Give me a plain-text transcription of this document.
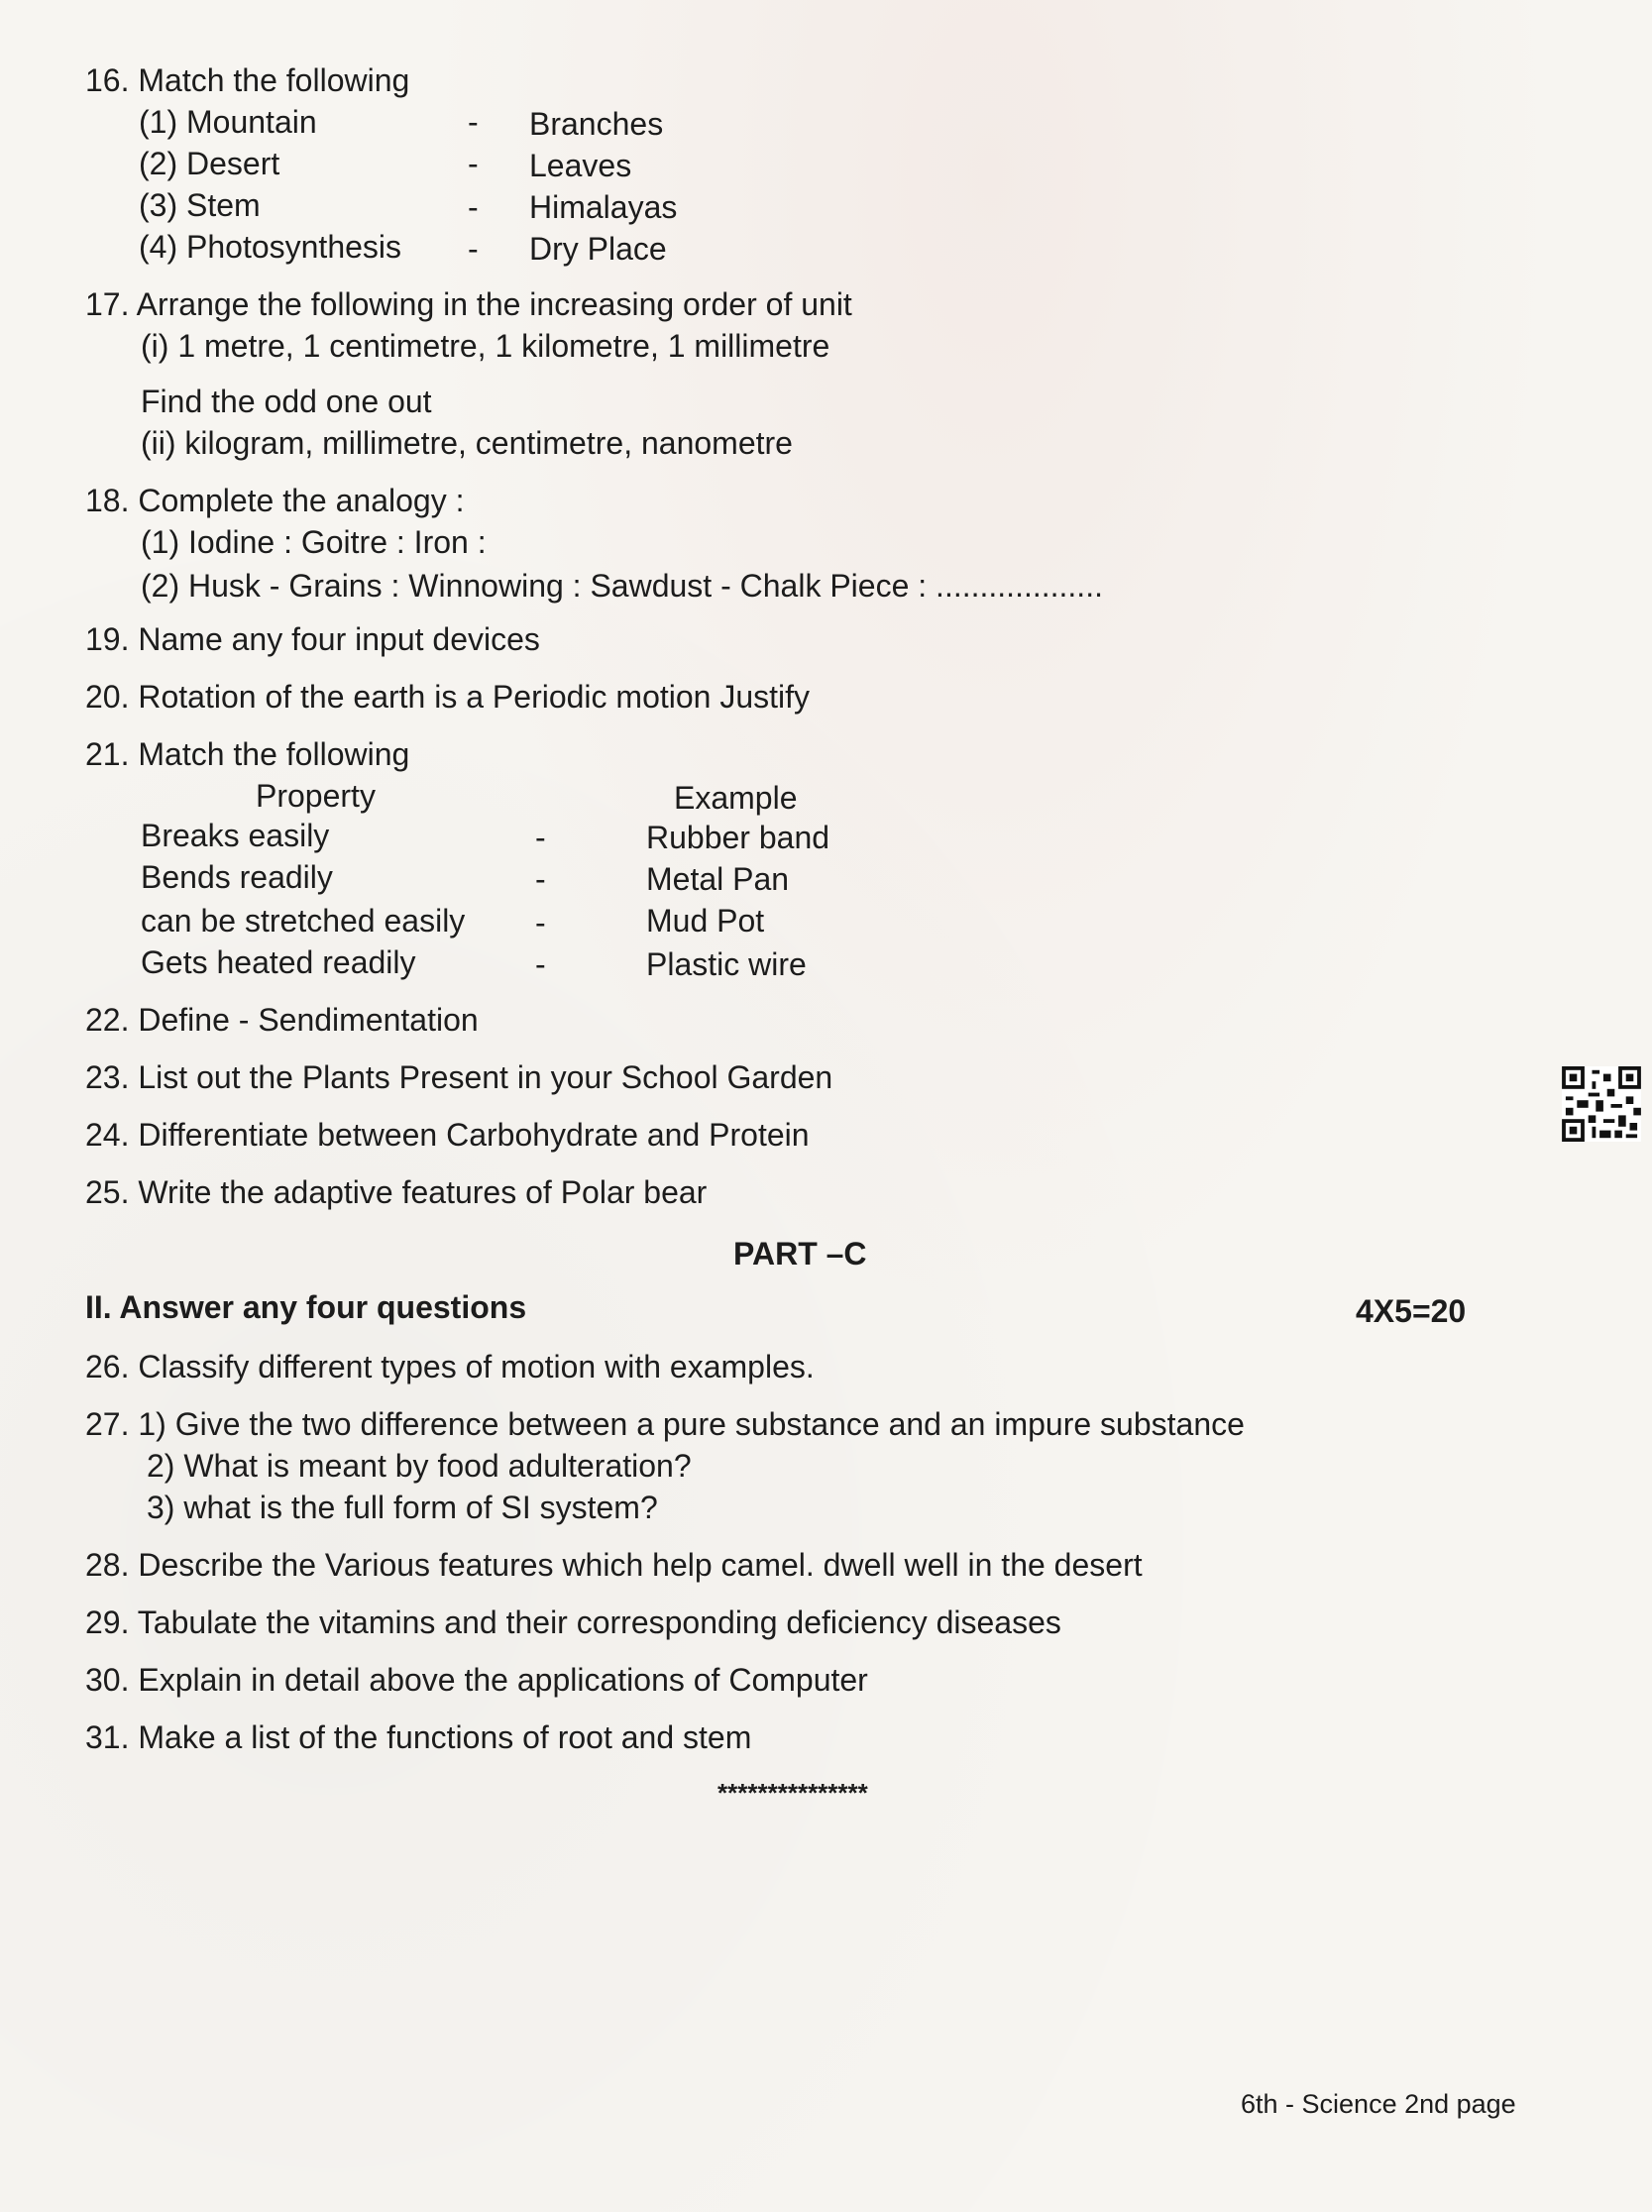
16. Match the following
(1) Mountain	- Branches
(2) Desert	- Leaves
(3) Stem	- Himalayas
(4) Photosynthesis - Dry Place
17. Arrange the following in the increasing order of unit
(i) 1 metre, 1 centimetre, 1 kilometre, 1 millimetre
Find the odd one out
(ii) kilogram, millimetre, centimetre, nanometre
18. Complete the analogy :
(1) Iodine : Goitre : Iron :
(2) Husk - Grains : Winnowing : Sawdust - Chalk Piece : ...................
19. Name any four input devices
20. Rotation of the earth is a Periodic motion Justify
21. Match the following
Property	Example
Breaks easily	-	Rubber band
Bends readily	-	Metal Pan
can be stretched easily -	Mud Pot
Gets heated readily	-	Plastic wire
22. Define - Sendimentation
23. List out the Plants Present in your School Garden
24. Differentiate between Carbohydrate and Protein
25. Write the adaptive features of Polar bear
PART –C
II. Answer any four questions	4X5=20
26. Classify different types of motion with examples.
27. 1) Give the two difference between a pure substance and an impure substance
2) What is meant by food adulteration?
3) what is the full form of SI system?
28. Describe the Various features which help camel. dwell well in the desert
29. Tabulate the vitamins and their corresponding deficiency diseases
30. Explain in detail above the applications of Computer
31. Make a list of the functions of root and stem
***************
6th - Science 2nd page
